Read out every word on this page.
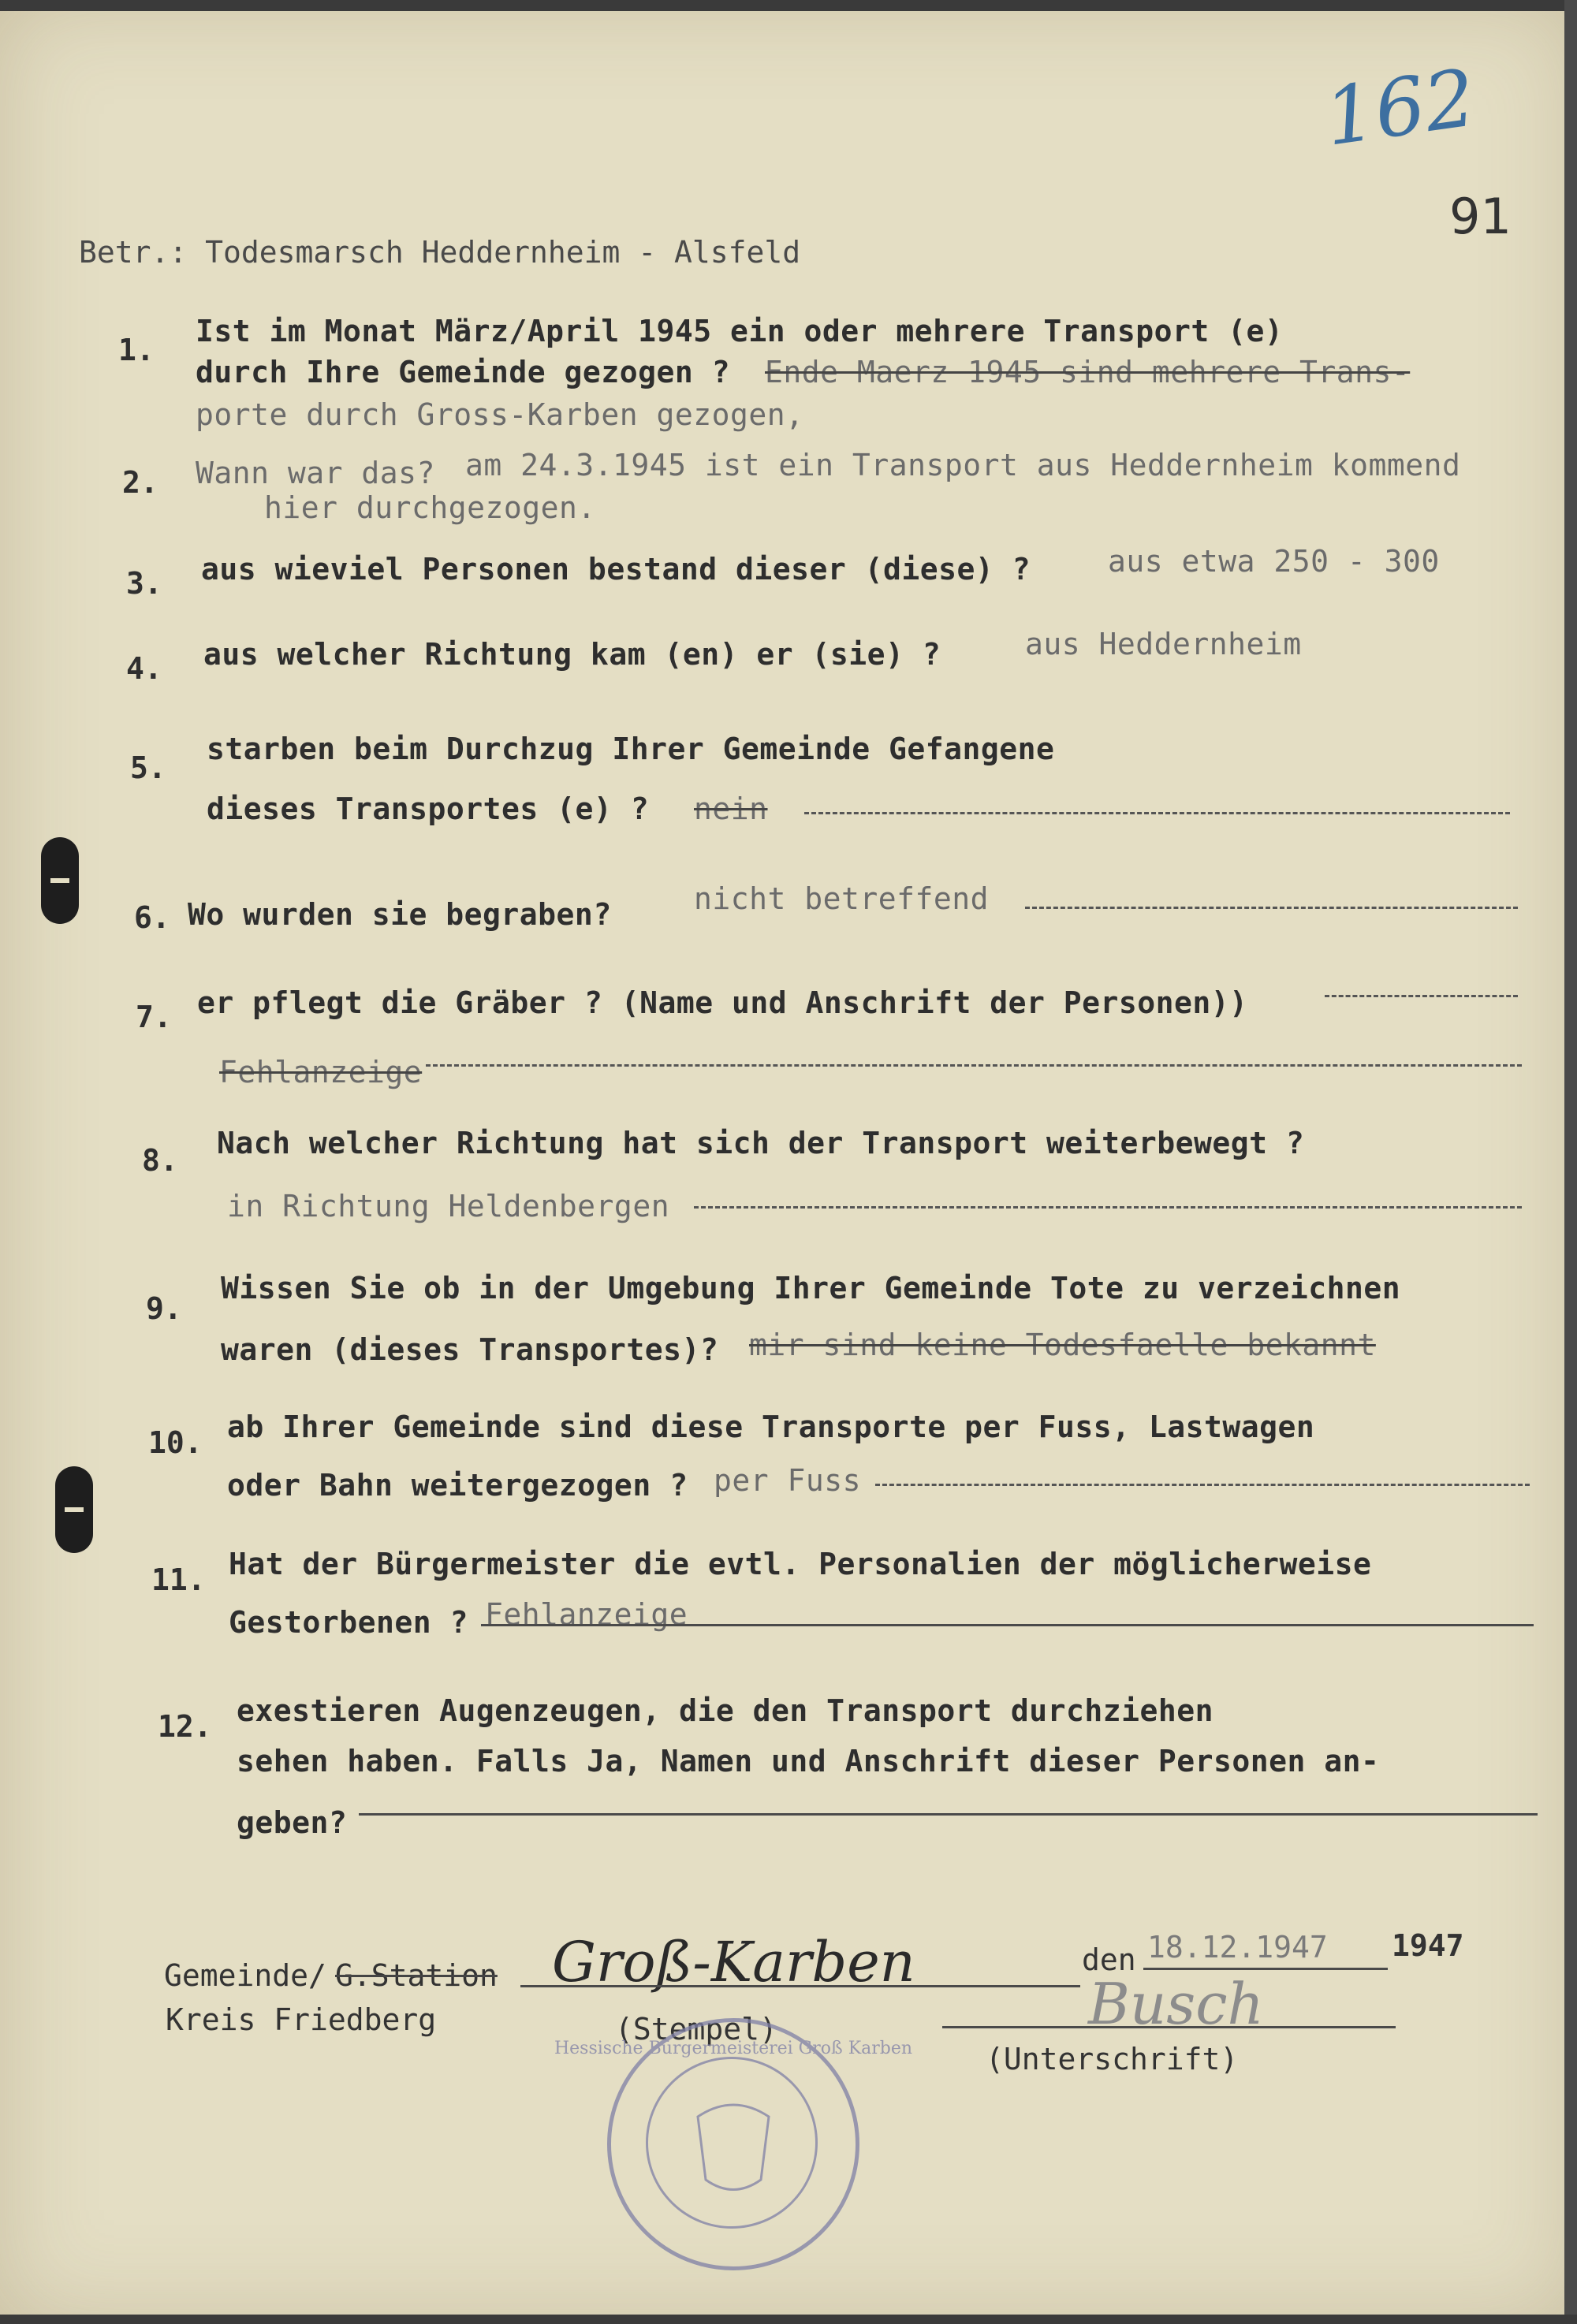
162
91
Betr.: Todesmarsch Heddernheim - Alsfeld
1.
Ist im Monat März/April 1945 ein oder mehrere Transport (e)
durch Ihre Gemeinde gezogen ? Ende Maerz 1945 sind mehrere Trans-
porte durch Gross-Karben gezogen,
2. Wann war das? am 24.3.1945 ist ein Transport aus Heddernheim kommend
hier durchgezogen.
3. aus wieviel Personen bestand dieser (diese) ?	aus etwa 250 - 300
4. aus welcher Richtung kam (en) er (sie) ?	aus Heddernheim
5.
starben beim Durchzug Ihrer Gemeinde Gefangene
dieses Transportes (e) ? nein
6. Wo wurden sie begraben?	nicht betreffend
7. er pflegt die Gräber ? (Name und Anschrift der Personen))
Fehlanzeige
8. Nach welcher Richtung hat sich der Transport weiterbewegt ?
in Richtung Heldenbergen
9.
Wissen Sie ob in der Umgebung Ihrer Gemeinde Tote zu verzeichnen
waren (dieses Transportes)? mir sind keine Todesfaelle bekannt
10. ab Ihrer Gemeinde sind diese Transporte per Fuss, Lastwagen
oder Bahn weitergezogen ? per Fuss
11. Hat der Bürgermeister die evtl. Personalien der möglicherweise
Gestorbenen ? Fehlanzeige
12. exestieren Augenzeugen, die den Transport durchziehen
sehen haben. Falls Ja, Namen und Anschrift dieser Personen an-
geben?
Gemeinde/ G.Station Groß-Karben	den 18.12.1947 1947
Kreis Friedberg	(Stempel)	Busch
(Unterschrift)
Hessische Bürgermeisterei Groß Karben
